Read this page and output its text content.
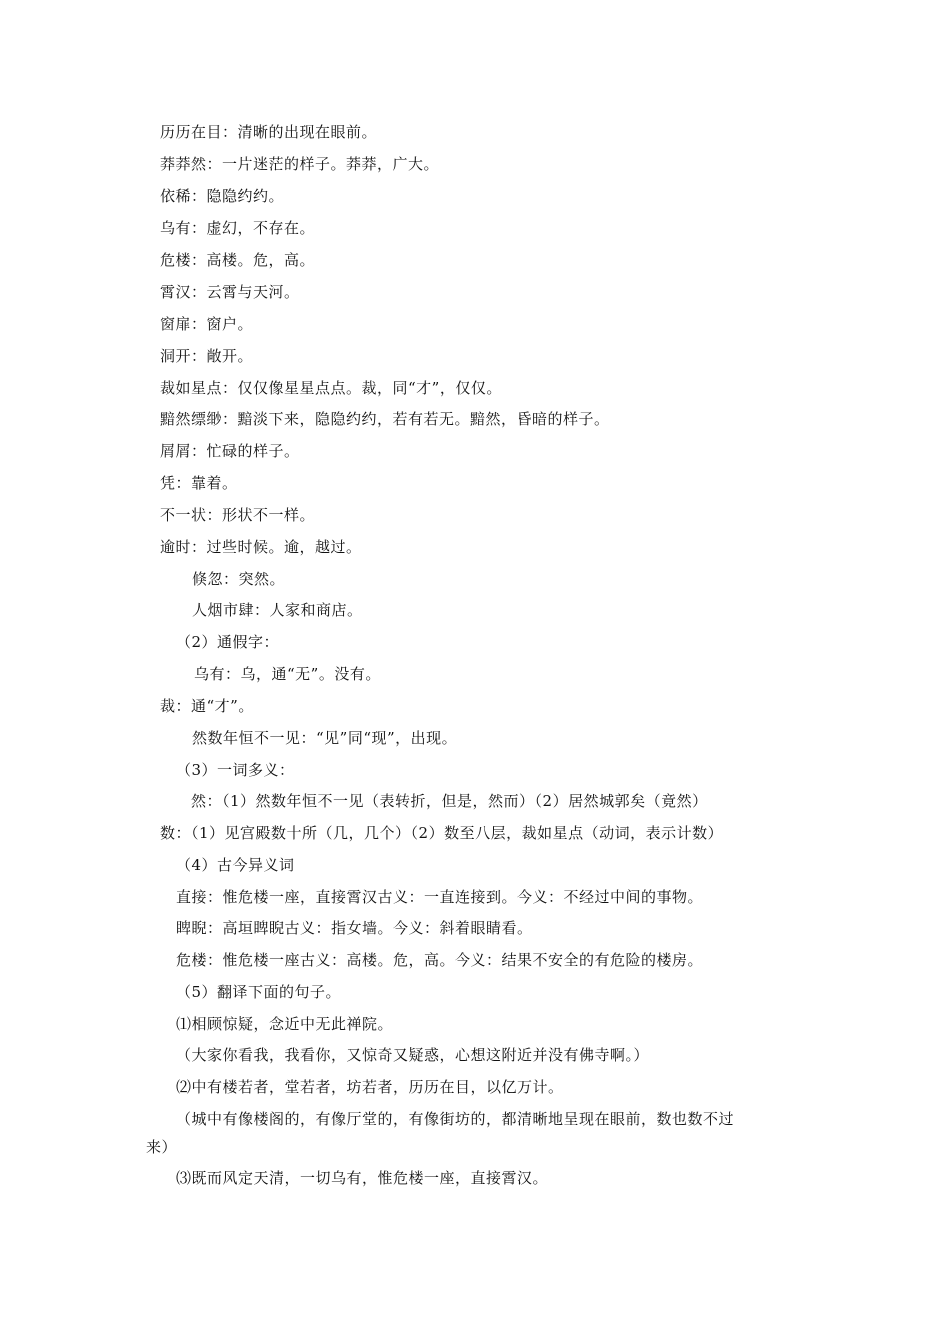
历历在目：清晰的出现在眼前。
莽莽然：一片迷茫的样子。莽莽，广大。
依稀：隐隐约约。
乌有：虚幻，不存在。
危楼：高楼。危，高。
霄汉：云霄与天河。
窗扉：窗户。
洞开：敞开。
裁如星点：仅仅像星星点点。裁，同“才”，仅仅。
黯然缥缈：黯淡下来，隐隐约约，若有若无。黯然，昏暗的样子。
屑屑：忙碌的样子。
凭：靠着。
不一状：形状不一样。
逾时：过些时候。逾，越过。
倏忽：突然。
人烟市肆：人家和商店。
（2）通假字：
乌有：乌，通“无”。没有。
裁：通“才”。
然数年恒不一见：“见”同“现”，出现。
（3）一词多义：
然：（1）然数年恒不一见（表转折，但是，然而）（2）居然城郭矣（竟然）
数：（1）见宫殿数十所（几，几个）（2）数至八层，裁如星点（动词，表示计数）
（4）古今异义词
直接：惟危楼一座，直接霄汉古义：一直连接到。今义：不经过中间的事物。
睥睨：高垣睥睨古义：指女墙。今义：斜着眼睛看。
危楼：惟危楼一座古义：高楼。危，高。今义：结果不安全的有危险的楼房。
（5）翻译下面的句子。
⑴相顾惊疑，念近中无此禅院。
（大家你看我，我看你，又惊奇又疑惑，心想这附近并没有佛寺啊。）
⑵中有楼若者，堂若者，坊若者，历历在目，以亿万计。
（城中有像楼阁的，有像厅堂的，有像街坊的，都清晰地呈现在眼前，数也数不过
来）
⑶既而风定天清，一切乌有，惟危楼一座，直接霄汉。
